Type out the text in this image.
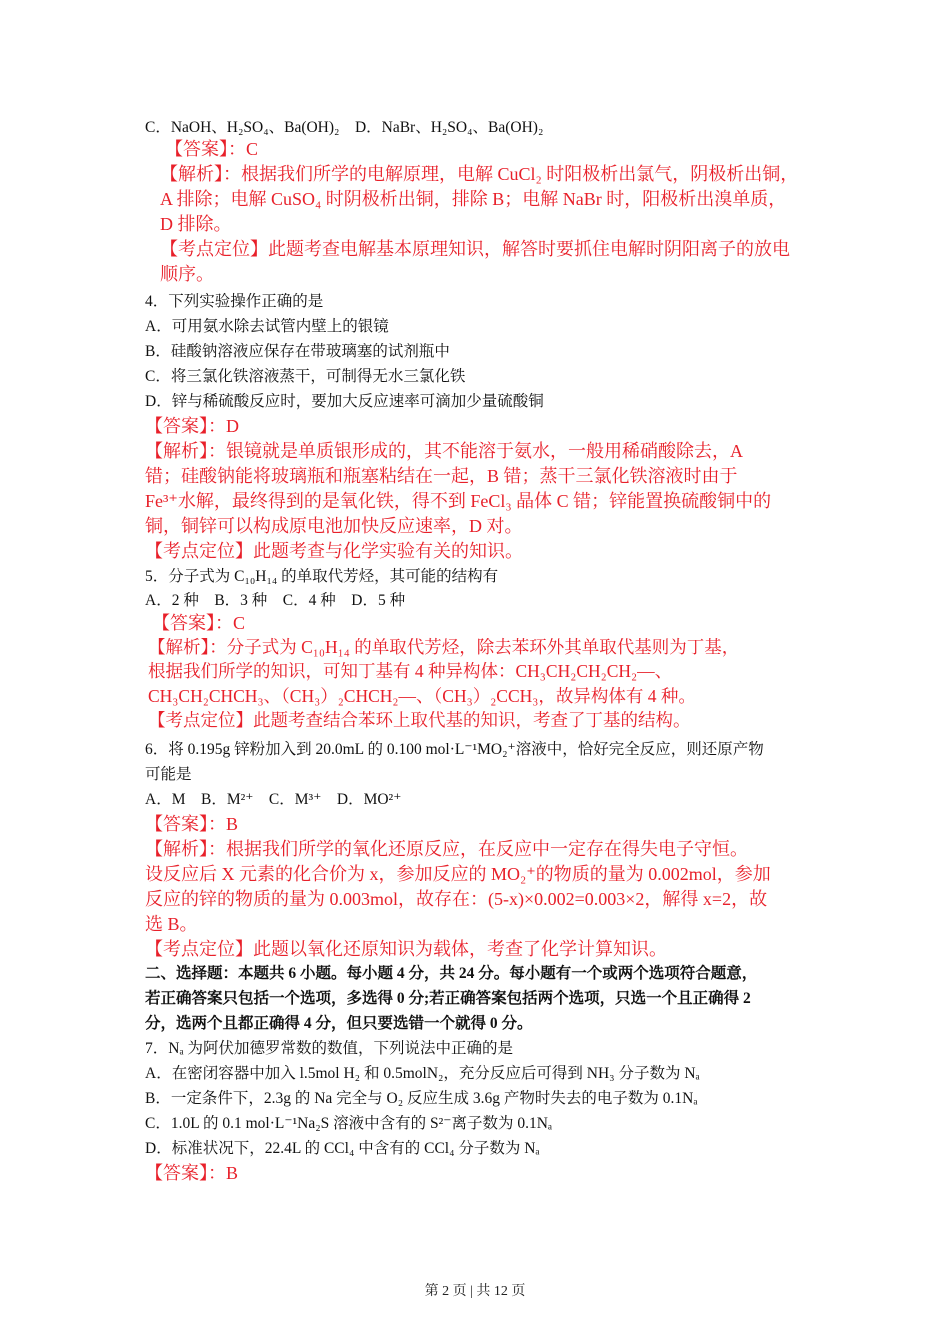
C．NaOH、H₂SO₄、Ba(OH)₂　D．NaBr、H₂SO₄、Ba(OH)₂
【答案】：C
【解析】：根据我们所学的电解原理，电解 CuCl₂ 时阳极析出氯气，阴极析出铜，
A 排除；电解 CuSO₄ 时阴极析出铜，排除 B；电解 NaBr 时，阳极析出溴单质，
D 排除。
【考点定位】此题考查电解基本原理知识，解答时要抓住电解时阴阳离子的放电
顺序。
4．下列实验操作正确的是
A．可用氨水除去试管内壁上的银镜
B．硅酸钠溶液应保存在带玻璃塞的试剂瓶中
C．将三氯化铁溶液蒸干，可制得无水三氯化铁
D．锌与稀硫酸反应时，要加大反应速率可滴加少量硫酸铜
【答案】：D
【解析】：银镜就是单质银形成的，其不能溶于氨水，一般用稀硝酸除去，A
错；硅酸钠能将玻璃瓶和瓶塞粘结在一起，B 错；蒸干三氯化铁溶液时由于
Fe³⁺水解，最终得到的是氧化铁，得不到 FeCl₃ 晶体 C 错；锌能置换硫酸铜中的
铜，铜锌可以构成原电池加快反应速率，D 对。
【考点定位】此题考查与化学实验有关的知识。
5．分子式为 C₁₀H₁₄ 的单取代芳烃，其可能的结构有
A．2 种　B．3 种　C．4 种　D．5 种
【答案】：C
【解析】：分子式为 C₁₀H₁₄ 的单取代芳烃，除去苯环外其单取代基则为丁基，
根据我们所学的知识，可知丁基有 4 种异构体：CH₃CH₂CH₂CH₂—、
CH₃CH₂CHCH₃、（CH₃）₂CHCH₂—、（CH₃）₂CCH₃，故异构体有 4 种。
【考点定位】此题考查结合苯环上取代基的知识，考查了丁基的结构。
6．将 0.195g 锌粉加入到 20.0mL 的 0.100 mol·L⁻¹MO₂⁺溶液中，恰好完全反应，则还原产物
可能是
A．M　B．M²⁺　C．M³⁺　D．MO²⁺
【答案】：B
【解析】：根据我们所学的氧化还原反应，在反应中一定存在得失电子守恒。
设反应后 X 元素的化合价为 x，参加反应的 MO₂⁺的物质的量为 0.002mol，参加
反应的锌的物质的量为 0.003mol，故存在：(5-x)×0.002=0.003×2，解得 x=2，故
选 B。
【考点定位】此题以氧化还原知识为载体，考查了化学计算知识。
二、选择题：本题共 6 小题。每小题 4 分，共 24 分。每小题有一个或两个选项符合题意，
若正确答案只包括一个选项，多选得 0 分;若正确答案包括两个选项，只选一个且正确得 2
分，选两个且都正确得 4 分，但只要选错一个就得 0 分。
7．Nₐ 为阿伏加德罗常数的数值，下列说法中正确的是
A．在密闭容器中加入 l.5mol H₂ 和 0.5molN₂，充分反应后可得到 NH₃ 分子数为 Nₐ
B．一定条件下，2.3g 的 Na 完全与 O₂ 反应生成 3.6g 产物时失去的电子数为 0.1Nₐ
C．1.0L 的 0.1 mol·L⁻¹Na₂S 溶液中含有的 S²⁻离子数为 0.1Nₐ
D．标准状况下，22.4L 的 CCl₄ 中含有的 CCl₄ 分子数为 Nₐ
【答案】：B
第 2 页 | 共 12 页
